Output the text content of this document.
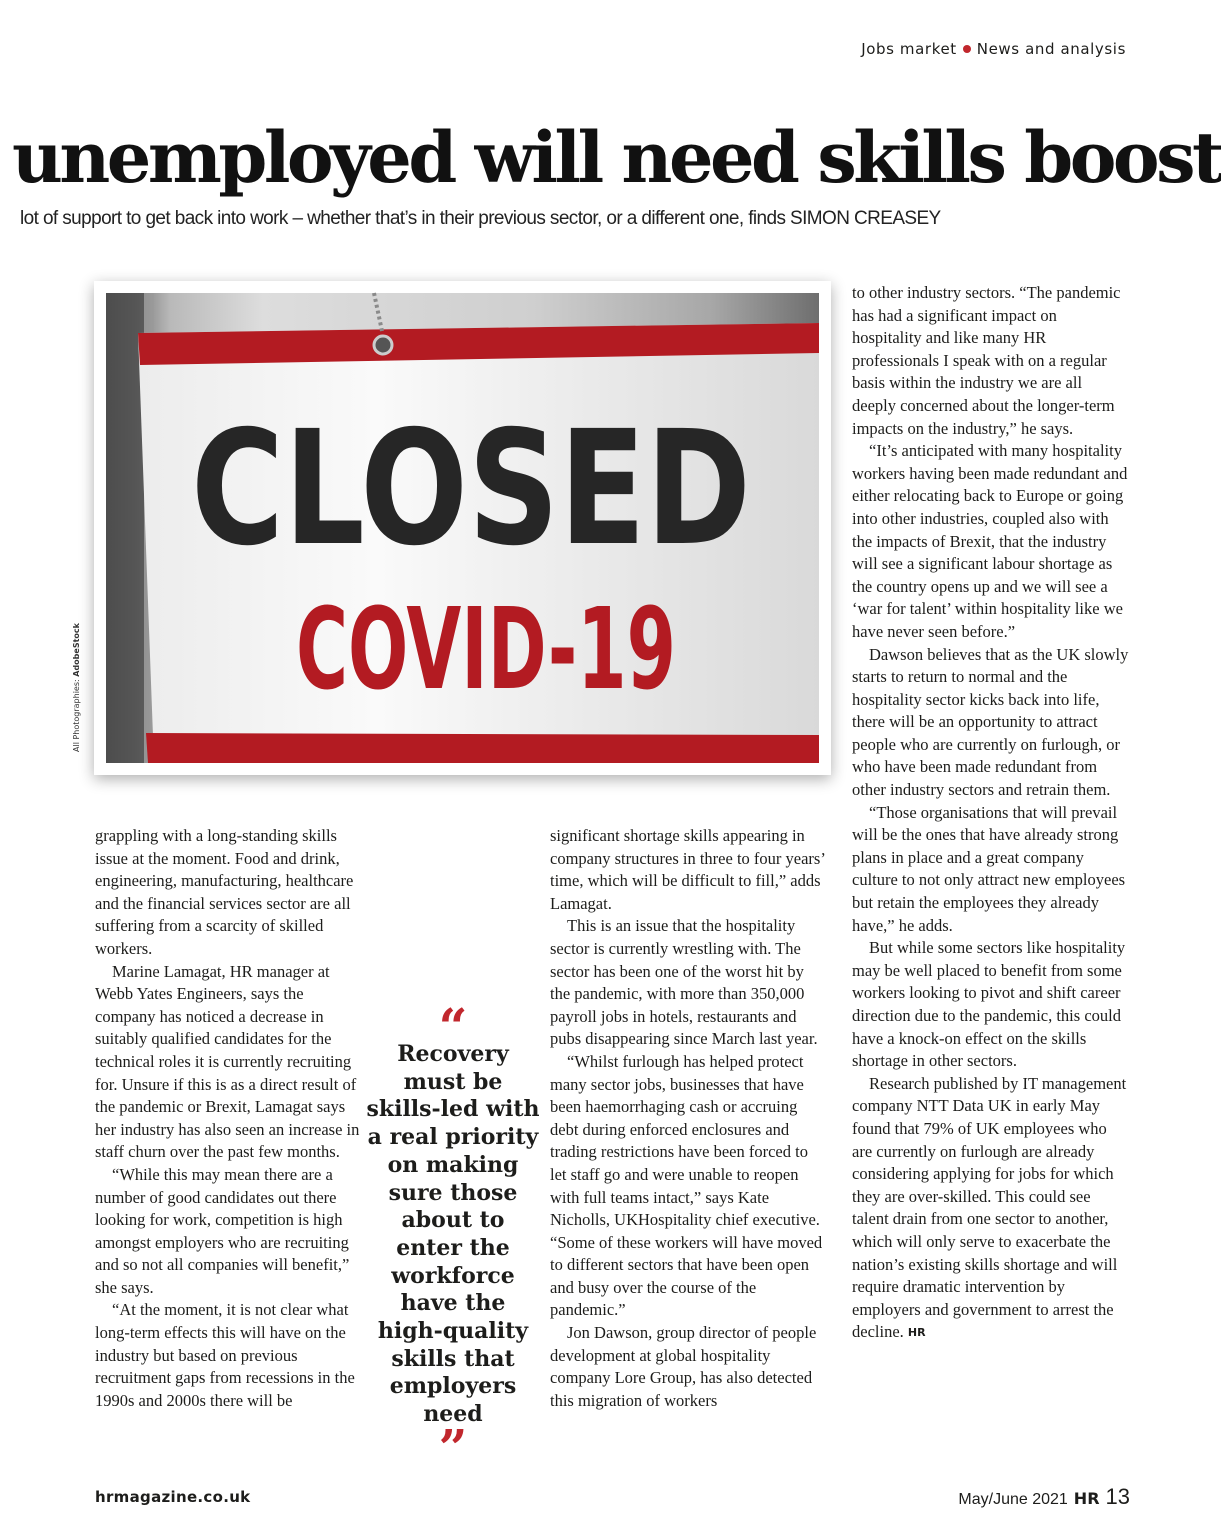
Jobs market News and analysis
unemployed will need skills boost

lot of support to get back into work – whether that’s in their previous sector, or a different one, finds SIMON CREASEY

CLOSED
COVID-19
All Photographies: AdobeStock

grappling with a long-standing skills issue at the moment. Food and drink, engineering, manufacturing, healthcare and the financial services sector are all suffering from a scarcity of skilled workers.

Marine Lamagat, HR manager at Webb Yates Engineers, says the company has noticed a decrease in suitably qualified candidates for the technical roles it is currently recruiting for. Unsure if this is as a direct result of the pandemic or Brexit, Lamagat says her industry has also seen an increase in staff churn over the past few months.

“While this may mean there are a number of good candidates out there looking for work, competition is high amongst employers who are recruiting and so not all companies will benefit,” she says.

“At the moment, it is not clear what long-term effects this will have on the industry but based on previous recruitment gaps from recessions in the 1990s and 2000s there will be

“
Recovery must be skills-led with a real priority on making sure those about to enter the workforce have the high-quality skills that employers need
”

significant shortage skills appearing in company structures in three to four years’ time, which will be difficult to fill,” adds Lamagat.

This is an issue that the hospitality sector is currently wrestling with. The sector has been one of the worst hit by the pandemic, with more than 350,000 payroll jobs in hotels, restaurants and pubs disappearing since March last year.

“Whilst furlough has helped protect many sector jobs, businesses that have been haemorrhaging cash or accruing debt during enforced enclosures and trading restrictions have been forced to let staff go and were unable to reopen with full teams intact,” says Kate Nicholls, UKHospitality chief executive. “Some of these workers will have moved to different sectors that have been open and busy over the course of the pandemic.”

Jon Dawson, group director of people development at global hospitality company Lore Group, has also detected this migration of workers

to other industry sectors. “The pandemic has had a significant impact on hospitality and like many HR professionals I speak with on a regular basis within the industry we are all deeply concerned about the longer-term impacts on the industry,” he says.

“It’s anticipated with many hospitality workers having been made redundant and either relocating back to Europe or going into other industries, coupled also with the impacts of Brexit, that the industry will see a significant labour shortage as the country opens up and we will see a ‘war for talent’ within hospitality like we have never seen before.”

Dawson believes that as the UK slowly starts to return to normal and the hospitality sector kicks back into life, there will be an opportunity to attract people who are currently on furlough, or who have been made redundant from other industry sectors and retrain them.

“Those organisations that will prevail will be the ones that have already strong plans in place and a great company culture to not only attract new employees but retain the employees they already have,” he adds.

But while some sectors like hospitality may be well placed to benefit from some workers looking to pivot and shift career direction due to the pandemic, this could have a knock-on effect on the skills shortage in other sectors.

Research published by IT management company NTT Data UK in early May found that 79% of UK employees who are currently on furlough are already considering applying for jobs for which they are over-skilled. This could see talent drain from one sector to another, which will only serve to exacerbate the nation’s existing skills shortage and will require dramatic intervention by employers and government to arrest the decline. HR

hrmagazine.co.uk	May/June 2021 HR 13
